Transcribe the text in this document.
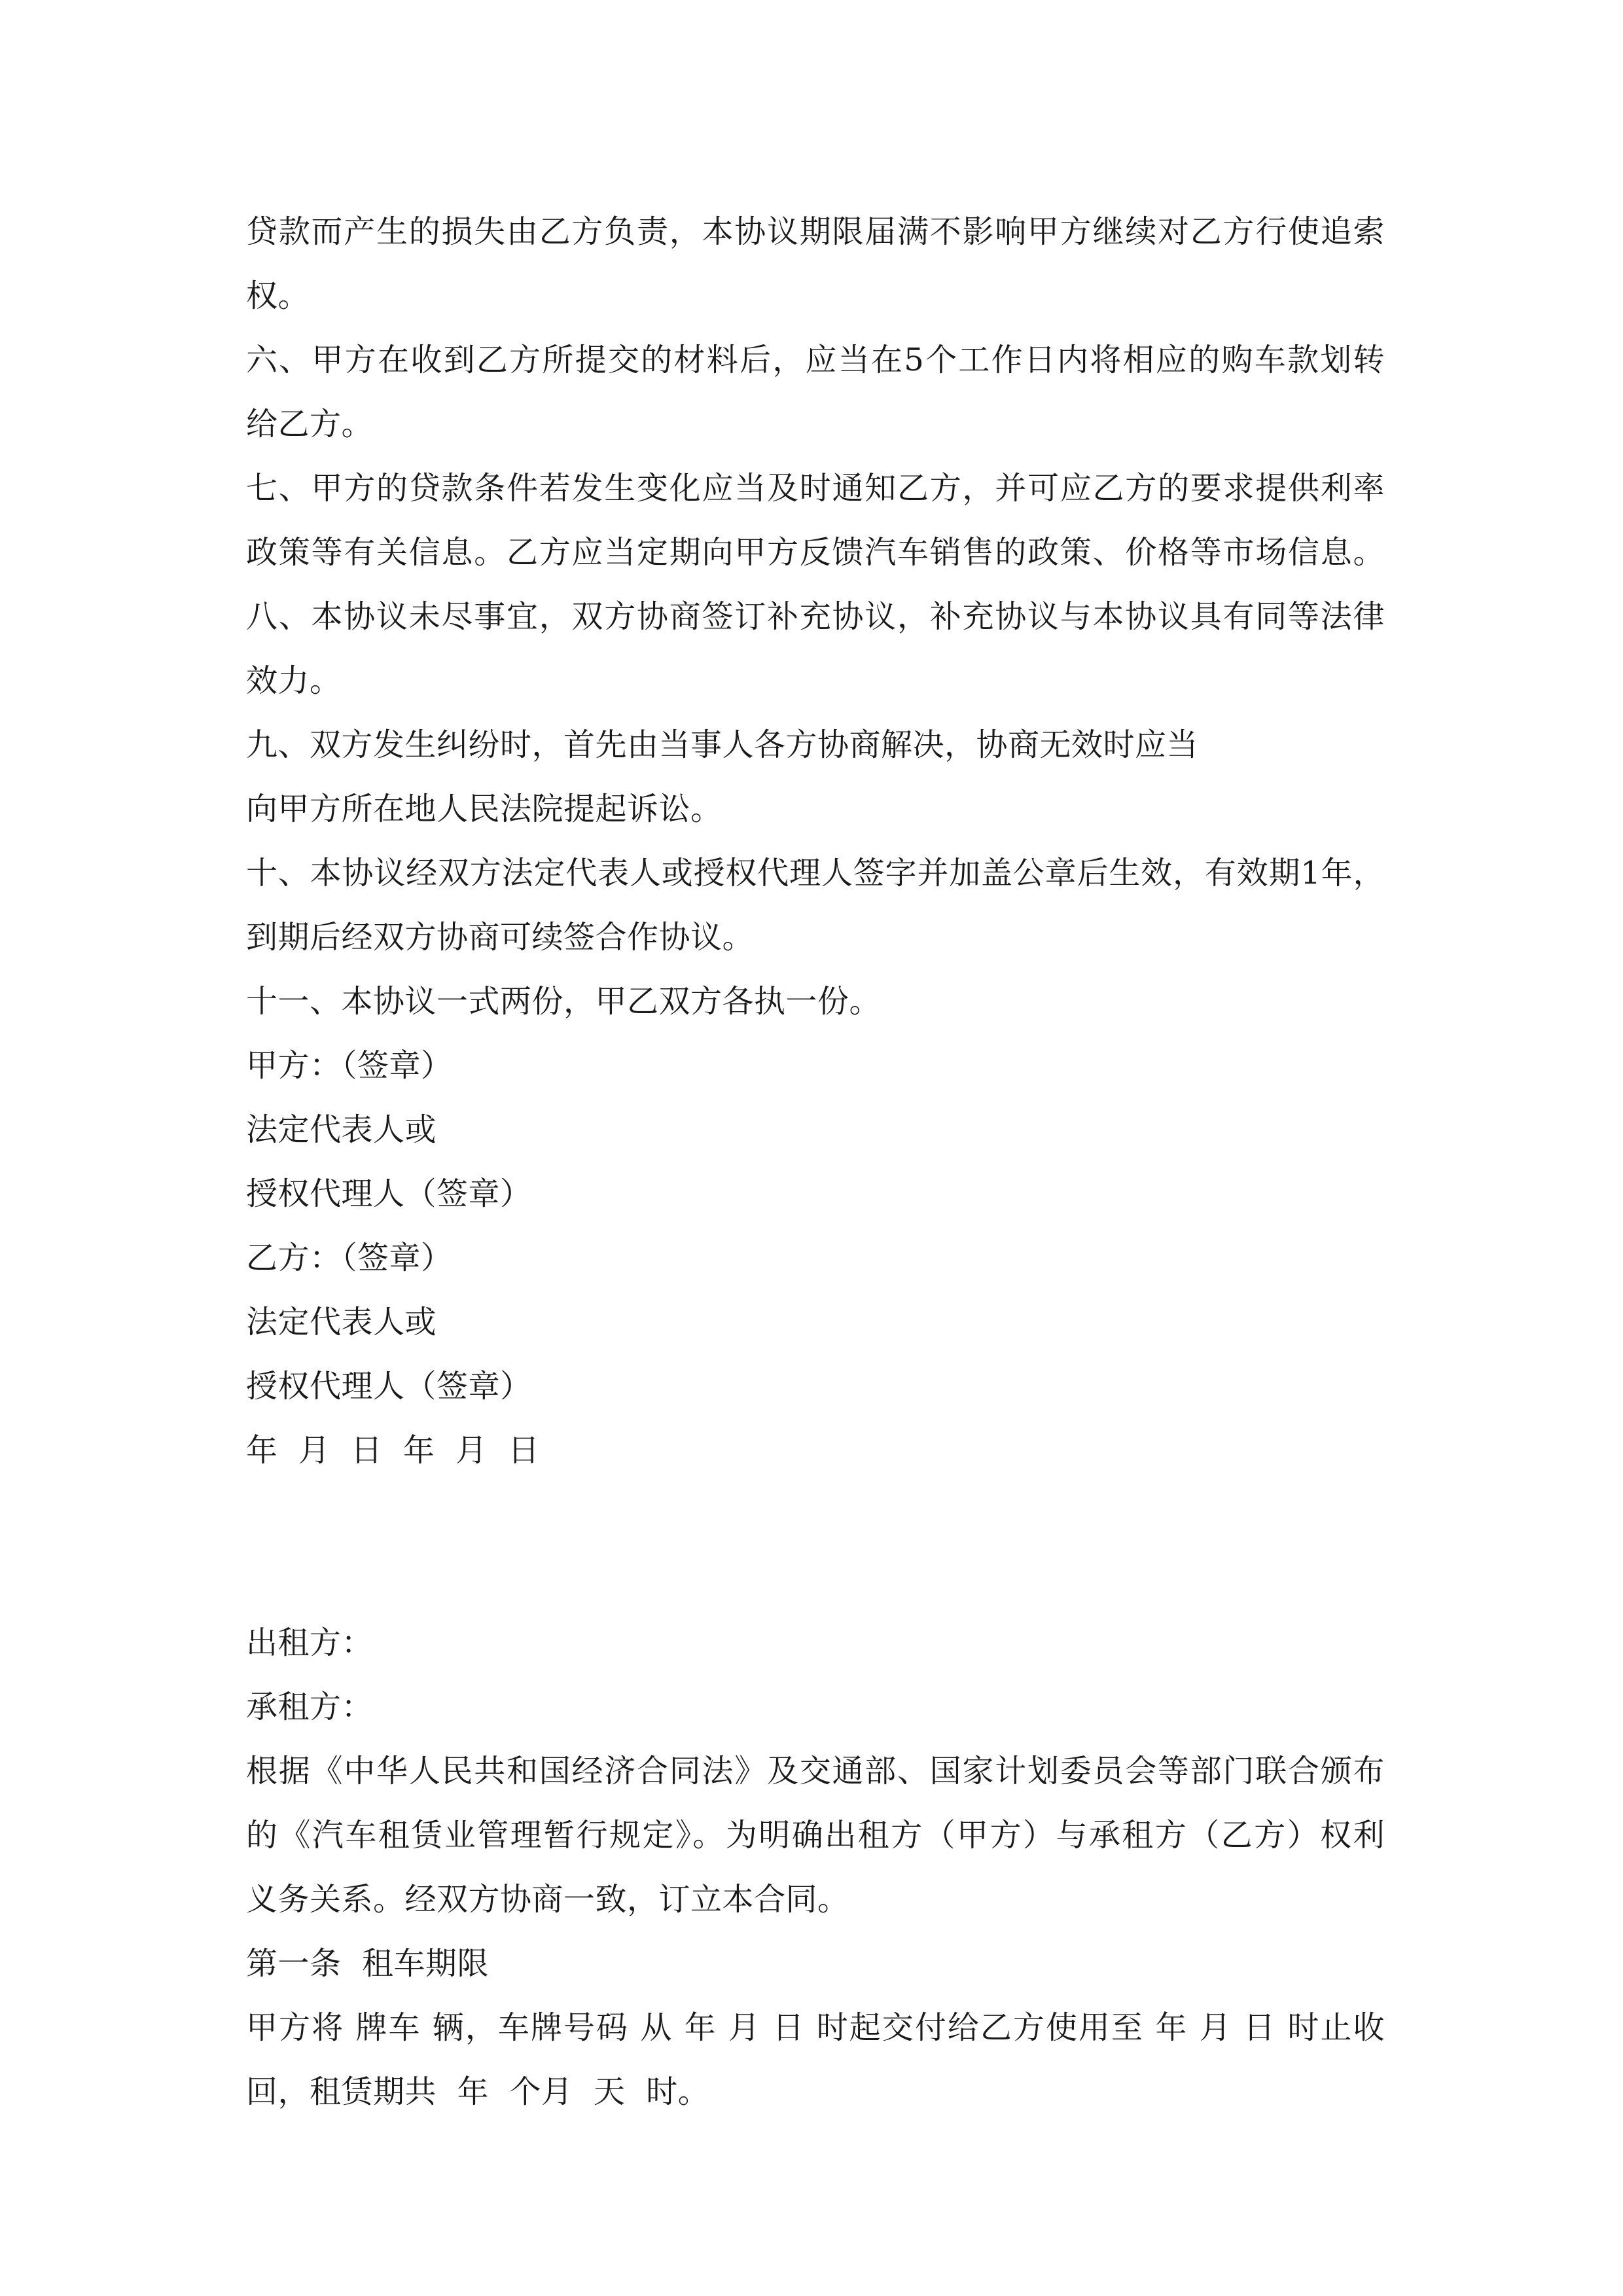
贷款而产生的损失由乙方负责，本协议期限届满不影响甲方继续对乙方行使追索
权。
六、甲方在收到乙方所提交的材料后，应当在5个工作日内将相应的购车款划转
给乙方。
七、甲方的贷款条件若发生变化应当及时通知乙方，并可应乙方的要求提供利率
政策等有关信息。乙方应当定期向甲方反馈汽车销售的政策、价格等市场信息。
八、本协议未尽事宜，双方协商签订补充协议，补充协议与本协议具有同等法律
效力。
九、双方发生纠纷时，首先由当事人各方协商解决，协商无效时应当
向甲方所在地人民法院提起诉讼。
十、本协议经双方法定代表人或授权代理人签字并加盖公章后生效，有效期1年，
到期后经双方协商可续签合作协议。
十一、本协议一式两份，甲乙双方各执一份。
甲方：（签章）
法定代表人或
授权代理人（签章）
乙方：（签章）
法定代表人或
授权代理人（签章）
年  月  日  年  月  日
出租方：
承租方：
根据《中华人民共和国经济合同法》及交通部、国家计划委员会等部门联合颁布
的《汽车租赁业管理暂行规定》。为明确出租方（甲方）与承租方（乙方）权利
义务关系。经双方协商一致，订立本合同。
第一条  租车期限
甲方将 牌车 辆，车牌号码 从 年 月 日 时起交付给乙方使用至 年 月 日 时止收
回，租赁期共  年  个月  天  时。
